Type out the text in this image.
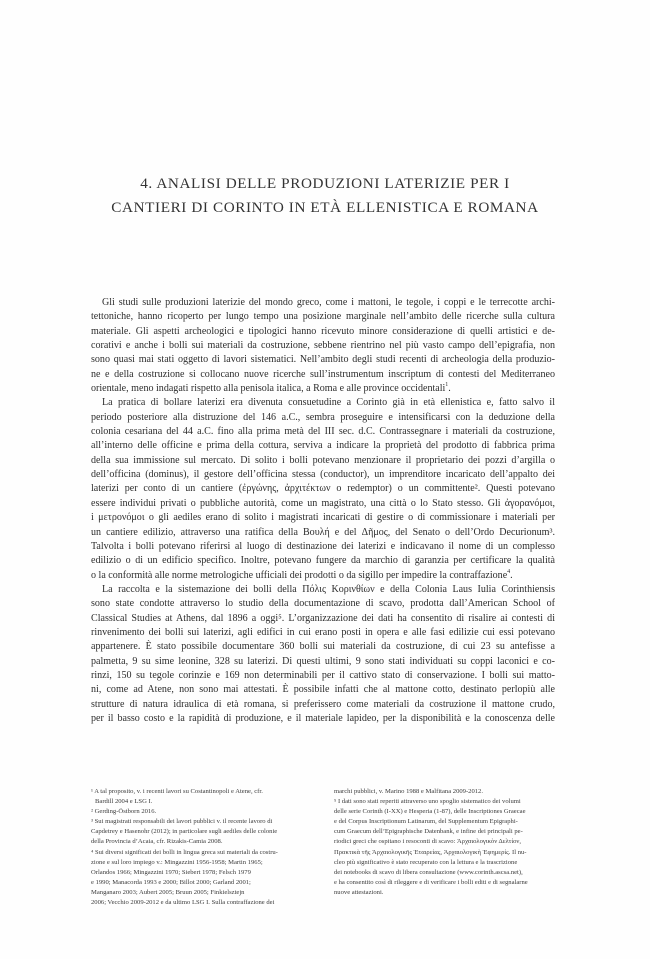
4. ANALISI DELLE PRODUZIONI LATERIZIE PER I
CANTIERI DI CORINTO IN ETÀ ELLENISTICA E ROMANA
Gli studi sulle produzioni laterizie del mondo greco, come i mattoni, le tegole, i coppi e le terrecotte archi-
tettoniche, hanno ricoperto per lungo tempo una posizione marginale nell’ambito delle ricerche sulla cultura
materiale. Gli aspetti archeologici e tipologici hanno ricevuto minore considerazione di quelli artistici e de-
corativi e anche i bolli sui materiali da costruzione, sebbene rientrino nel più vasto campo dell’epigrafia, non
sono quasi mai stati oggetto di lavori sistematici. Nell’ambito degli studi recenti di archeologia della produzio-
ne e della costruzione si collocano nuove ricerche sull’instrumentum inscriptum di contesti del Mediterraneo
orientale, meno indagati rispetto alla penisola italica, a Roma e alle province occidentali$^1$.
La pratica di bollare laterizi era divenuta consuetudine a Corinto già in età ellenistica e, fatto salvo il
periodo posteriore alla distruzione del 146 a.C., sembra proseguire e intensificarsi con la deduzione della
colonia cesariana del 44 a.C. fino alla prima metà del III sec. d.C. Contrassegnare i materiali da costruzione,
all’interno delle officine e prima della cottura, serviva a indicare la proprietà del prodotto di fabbrica prima
della sua immissione sul mercato. Di solito i bolli potevano menzionare il proprietario dei pozzi d’argilla o
dell’officina (dominus), il gestore dell’officina stessa (conductor), un imprenditore incaricato dell’appalto dei
laterizi per conto di un cantiere (ἐργώνης, ἀρχιτέκτων o redemptor) o un committente². Questi potevano
essere individui privati o pubbliche autorità, come un magistrato, una città o lo Stato stesso. Gli ἀγορανόμοι,
i μετρονόμοι o gli aediles erano di solito i magistrati incaricati di gestire o di commissionare i materiali per
un cantiere edilizio, attraverso una ratifica della Βουλή e del Δῆμος, del Senato o dell’Ordo Decurionum³.
Talvolta i bolli potevano riferirsi al luogo di destinazione dei laterizi e indicavano il nome di un complesso
edilizio o di un edificio specifico. Inoltre, potevano fungere da marchio di garanzia per certificare la qualità
o la conformità alle norme metrologiche ufficiali dei prodotti o da sigillo per impedire la contraffazione$^4$.
La raccolta e la sistemazione dei bolli della Πόλις Κορινθίων e della Colonia Laus Iulia Corinthiensis
sono state condotte attraverso lo studio della documentazione di scavo, prodotta dall’American School of
Classical Studies at Athens, dal 1896 a oggi⁵. L’organizzazione dei dati ha consentito di risalire ai contesti di
rinvenimento dei bolli sui laterizi, agli edifici in cui erano posti in opera e alle fasi edilizie cui essi potevano
appartenere. È stato possibile documentare 360 bolli sui materiali da costruzione, di cui 23 su antefisse a
palmetta, 9 su sime leonine, 328 su laterizi. Di questi ultimi, 9 sono stati individuati su coppi laconici e co-
rinzi, 150 su tegole corinzie e 169 non determinabili per il cattivo stato di conservazione. I bolli sui matto-
ni, come ad Atene, non sono mai attestati. È possibile infatti che al mattone cotto, destinato perlopiù alle
strutture di natura idraulica di età romana, si preferissero come materiali da costruzione il mattone crudo,
per il basso costo e la rapidità di produzione, e il materiale lapideo, per la disponibilità e la conoscenza delle
¹ A tal proposito, v. i recenti lavori su Costantinopoli e Atene, cfr.
Bardill 2004 e LSG I.
² Gerding-Östborn 2016.
³ Sui magistrati responsabili dei lavori pubblici v. il recente lavoro di
Capdetrey e Hasenohr (2012); in particolare sugli aediles delle colonie
della Provincia d’Acaia, cfr. Rizakis-Camia 2008.
⁴ Sui diversi significati dei bolli in lingua greca sui materiali da costru-
zione e sul loro impiego v.: Mingazzini 1956-1958; Martin 1965;
Orlandos 1966; Mingazzini 1970; Siebert 1978; Felsch 1979
e 1990; Manacorda 1993 e 2000; Billot 2000; Garland 2001;
Manganaro 2003; Aubert 2005; Bruun 2005; Finkielsztejn
2006; Vecchio 2009-2012 e da ultimo LSG I. Sulla contraffazione dei
marchi pubblici, v. Marino 1988 e Malfitana 2009-2012.
⁵ I dati sono stati reperiti attraverso uno spoglio sistematico dei volumi
delle serie Corinth (I-XX) e Hesperia (1-87), delle Inscriptiones Graecae
e del Corpus Inscriptionum Latinarum, del Supplementum Epigraphi-
cum Graecum dell’Epigraphische Datenbank, e infine dei principali pe-
riodici greci che ospitano i resoconti di scavo: Ἀρχαιολογικὸν Δελτίον,
Πρακτικὰ τῆς Ἀρχαιολογικῆς Ἑταιρείας, Ἀρχαιολογικὴ Ἐφημερίς. Il nu-
cleo più significativo è stato recuperato con la lettura e la trascrizione
dei notebooks di scavo di libera consultazione (www.corinth.ascsa.net),
e ha consentito così di rileggere e di verificare i bolli editi e di segnalarne
nuove attestazioni.
